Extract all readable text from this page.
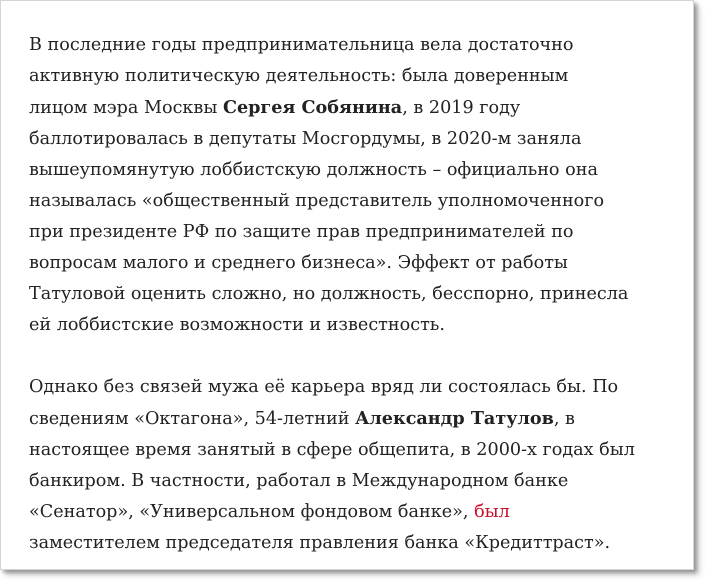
В последние годы предпринимательница вела достаточно
активную политическую деятельность: была доверенным
лицом мэра Москвы Сергея Собянина, в 2019 году
баллотировалась в депутаты Мосгордумы, в 2020-м заняла
вышеупомянутую лоббистскую должность – официально она
называлась «общественный представитель уполномоченного
при президенте РФ по защите прав предпринимателей по
вопросам малого и среднего бизнеса». Эффект от работы
Татуловой оценить сложно, но должность, бесспорно, принесла
ей лоббистские возможности и известность.
Однако без связей мужа её карьера вряд ли состоялась бы. По
сведениям «Октагона», 54-летний Александр Татулов, в
настоящее время занятый в сфере общепита, в 2000-х годах был
банкиром. В частности, работал в Международном банке
«Сенатор», «Универсальном фондовом банке», был
заместителем председателя правления банка «Кредиттраст».
